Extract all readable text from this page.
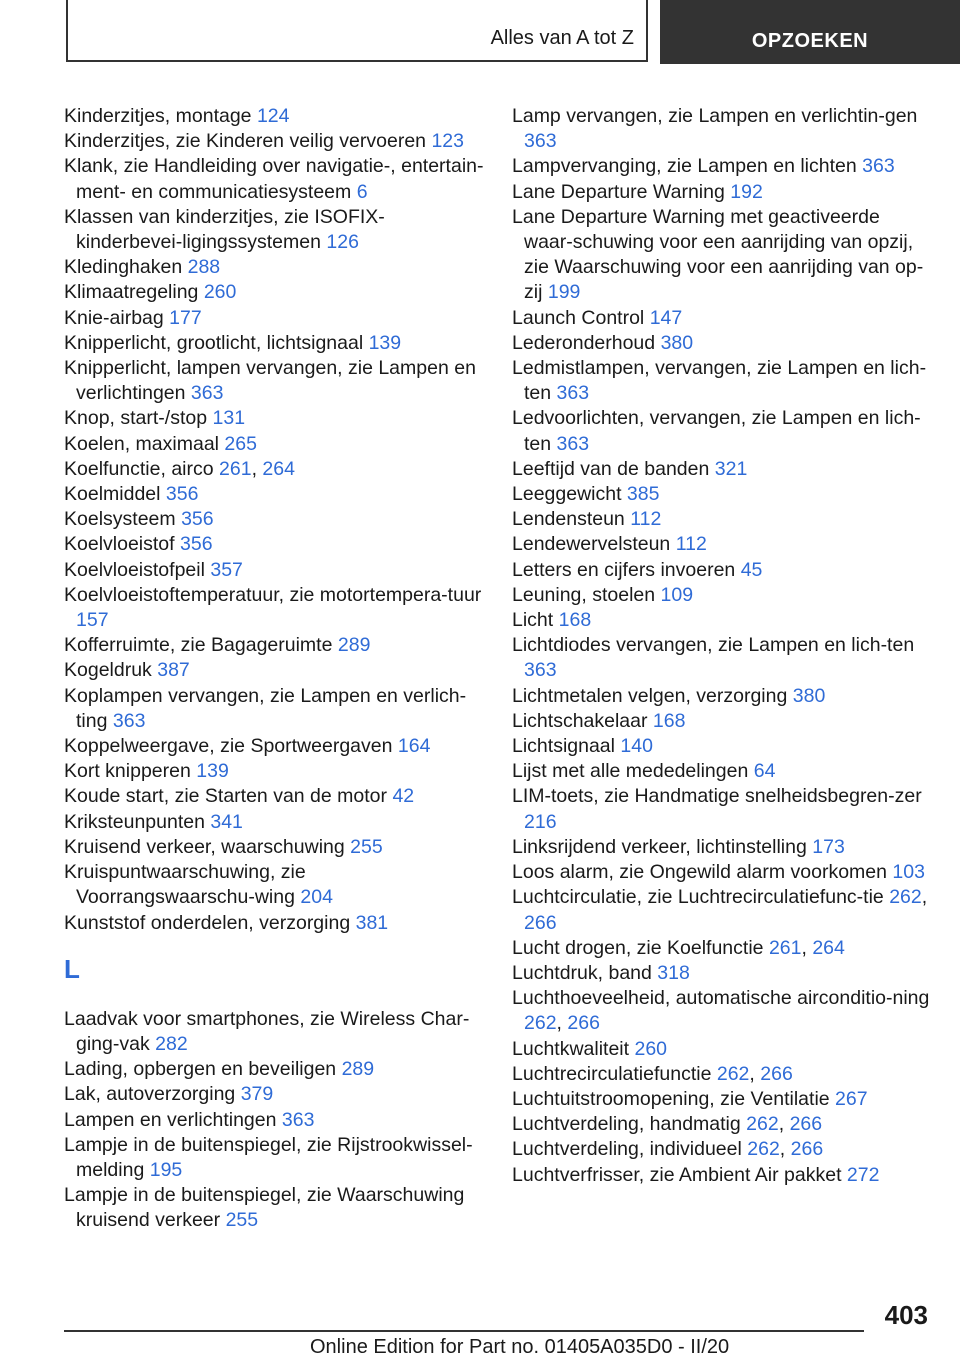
Alles van A tot Z	OPZOEKEN
Kinderzitjes, montage 124
Kinderzitjes, zie Kinderen veilig vervoeren 123
Klank, zie Handleiding over navigatie-, entertain-ment- en communicatiesysteem 6
Klassen van kinderzitjes, zie ISOFIX-kinderbevei-ligingssystemen 126
Kledinghaken 288
Klimaatregeling 260
Knie-airbag 177
Knipperlicht, grootlicht, lichtsignaal 139
Knipperlicht, lampen vervangen, zie Lampen en verlichtingen 363
Knop, start-/stop 131
Koelen, maximaal 265
Koelfunctie, airco 261, 264
Koelmiddel 356
Koelsysteem 356
Koelvloeistof 356
Koelvloeistofpeil 357
Koelvloeistoftemperatuur, zie motortempera-tuur 157
Kofferruimte, zie Bagageruimte 289
Kogeldruk 387
Koplampen vervangen, zie Lampen en verlich-ting 363
Koppelweergave, zie Sportweergaven 164
Kort knipperen 139
Koude start, zie Starten van de motor 42
Kriksteunpunten 341
Kruisend verkeer, waarschuwing 255
Kruispuntwaarschuwing, zie Voorrangswaarschu-wing 204
Kunststof onderdelen, verzorging 381
L
Laadvak voor smartphones, zie Wireless Char-ging-vak 282
Lading, opbergen en beveiligen 289
Lak, autoverzorging 379
Lampen en verlichtingen 363
Lampje in de buitenspiegel, zie Rijstrookwissel-melding 195
Lampje in de buitenspiegel, zie Waarschuwing kruisend verkeer 255
Lamp vervangen, zie Lampen en verlichtin-gen 363
Lampvervanging, zie Lampen en lichten 363
Lane Departure Warning 192
Lane Departure Warning met geactiveerde waar-schuwing voor een aanrijding van opzij, zie Waarschuwing voor een aanrijding van op-zij 199
Launch Control 147
Lederonderhoud 380
Ledmistlampen, vervangen, zie Lampen en lich-ten 363
Ledvoorlichten, vervangen, zie Lampen en lich-ten 363
Leeftijd van de banden 321
Leeggewicht 385
Lendensteun 112
Lendewervelsteun 112
Letters en cijfers invoeren 45
Leuning, stoelen 109
Licht 168
Lichtdiodes vervangen, zie Lampen en lich-ten 363
Lichtmetalen velgen, verzorging 380
Lichtschakelaar 168
Lichtsignaal 140
Lijst met alle mededelingen 64
LIM-toets, zie Handmatige snelheidsbegren-zer 216
Linksrijdend verkeer, lichtinstelling 173
Loos alarm, zie Ongewild alarm voorkomen 103
Luchtcirculatie, zie Luchtrecirculatiefunc-tie 262, 266
Lucht drogen, zie Koelfunctie 261, 264
Luchtdruk, band 318
Luchthoeveelheid, automatische airconditio-ning 262, 266
Luchtkwaliteit 260
Luchtrecirculatiefunctie 262, 266
Luchtuitstroomopening, zie Ventilatie 267
Luchtverdeling, handmatig 262, 266
Luchtverdeling, individueel 262, 266
Luchtverfrisser, zie Ambient Air pakket 272
403
Online Edition for Part no. 01405A035D0 - II/20
